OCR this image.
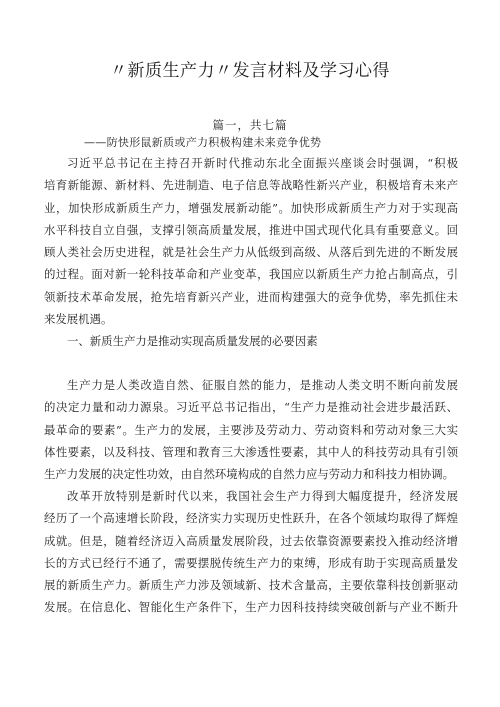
〃新质生产力〃发言材料及学习心得
篇一，共七篇
——防快形鼠新质或产力积极构建未来竞争优势
习近平总书记在主持召开新时代推动东北全面振兴座谈会时强调，“积极
培育新能源、新材料、先进制造、电子信息等战略性新兴产业，积极培育未来产
业，加快形成新质生产力，增强发展新动能”。加快形成新质生产力对于实现高
水平科技自立自强，支撑引领高质量发展，推进中国式现代化具有重要意义。回
顾人类社会历史进程，就是社会生产力从低级到高级、从落后到先进的不断发展
的过程。面对新一轮科技革命和产业变革，我国应以新质生产力抢占制高点，引
领新技术革命发展，抢先培育新兴产业，进而构建强大的竞争优势，率先抓住未
来发展机遇。
一、新质生产力是推动实现高质量发展的必要因素
生产力是人类改造自然、征服自然的能力，是推动人类文明不断向前发展
的决定力量和动力源泉。习近平总书记指出，“生产力是推动社会进步最活跃、
最革命的要素”。生产力的发展，主要涉及劳动力、劳动资料和劳动对象三大实
体性要素，以及科技、管理和教育三大渗透性要素，其中人的科技劳动具有引领
生产力发展的决定性功效，由自然环境构成的自然力应与劳动力和科技力相协调。
改革开放特别是新时代以来，我国社会生产力得到大幅度提升，经济发展
经历了一个高速增长阶段，经济实力实现历史性跃升，在各个领域均取得了辉煌
成就。但是，随着经济迈入高质量发展阶段，过去依靠资源要素投入推动经济增
长的方式已经行不通了，需要摆脱传统生产力的束缚，形成有助于实现高质量发
展的新质生产力。新质生产力涉及领域新、技术含量高，主要依靠科技创新驱动
发展。在信息化、智能化生产条件下，生产力因科技持续突破创新与产业不断升
